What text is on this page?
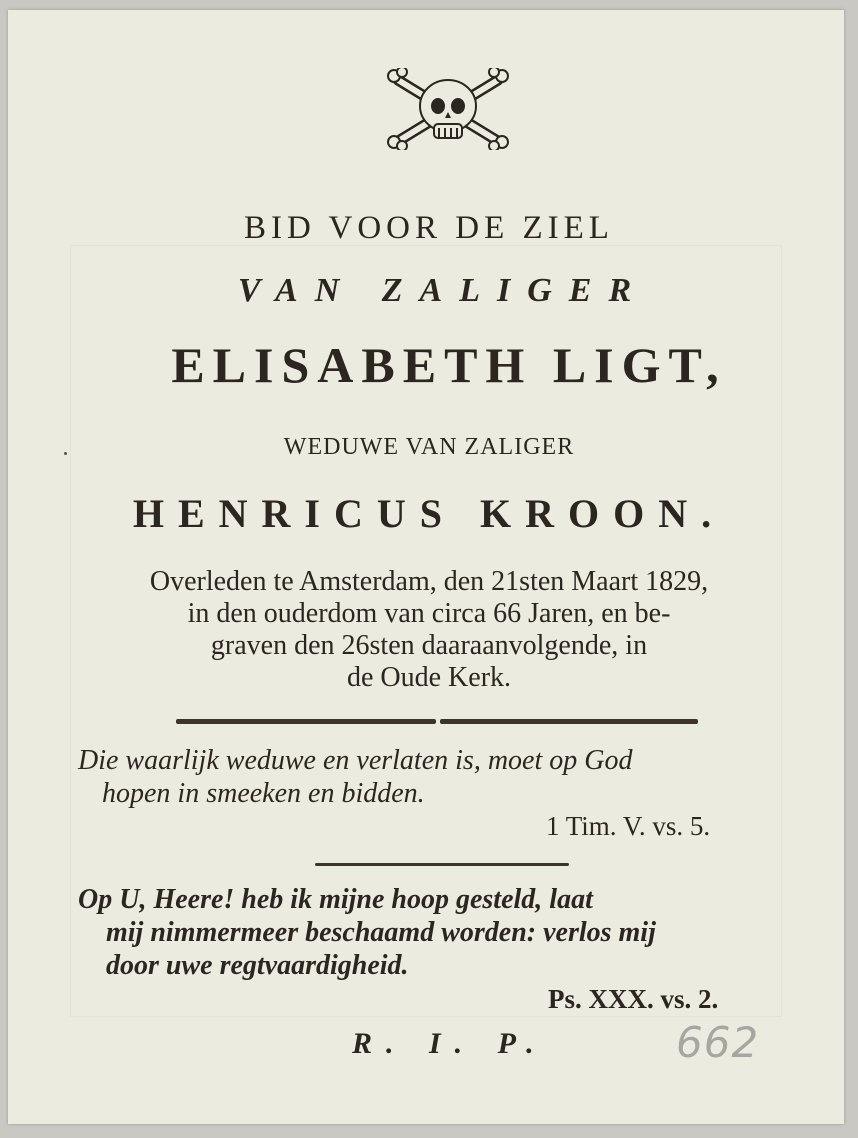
BID VOOR DE ZIEL
VAN ZALIGER
ELISABETH LIGT,
WEDUWE VAN ZALIGER
HENRICUS KROON.
Overleden te Amsterdam, den 21sten Maart 1829,
in den ouderdom van circa 66 Jaren, en be-
graven den 26sten daaraanvolgende, in
de Oude Kerk.
Die waarlijk weduwe en verlaten is, moet op God
hopen in smeeken en bidden.
1 Tim. V. vs. 5.
Op U, Heere! heb ik mijne hoop gesteld, laat
mij nimmermeer beschaamd worden: verlos mij
door uwe regtvaardigheid.
Ps. XXX. vs. 2.
R. I. P.	662
